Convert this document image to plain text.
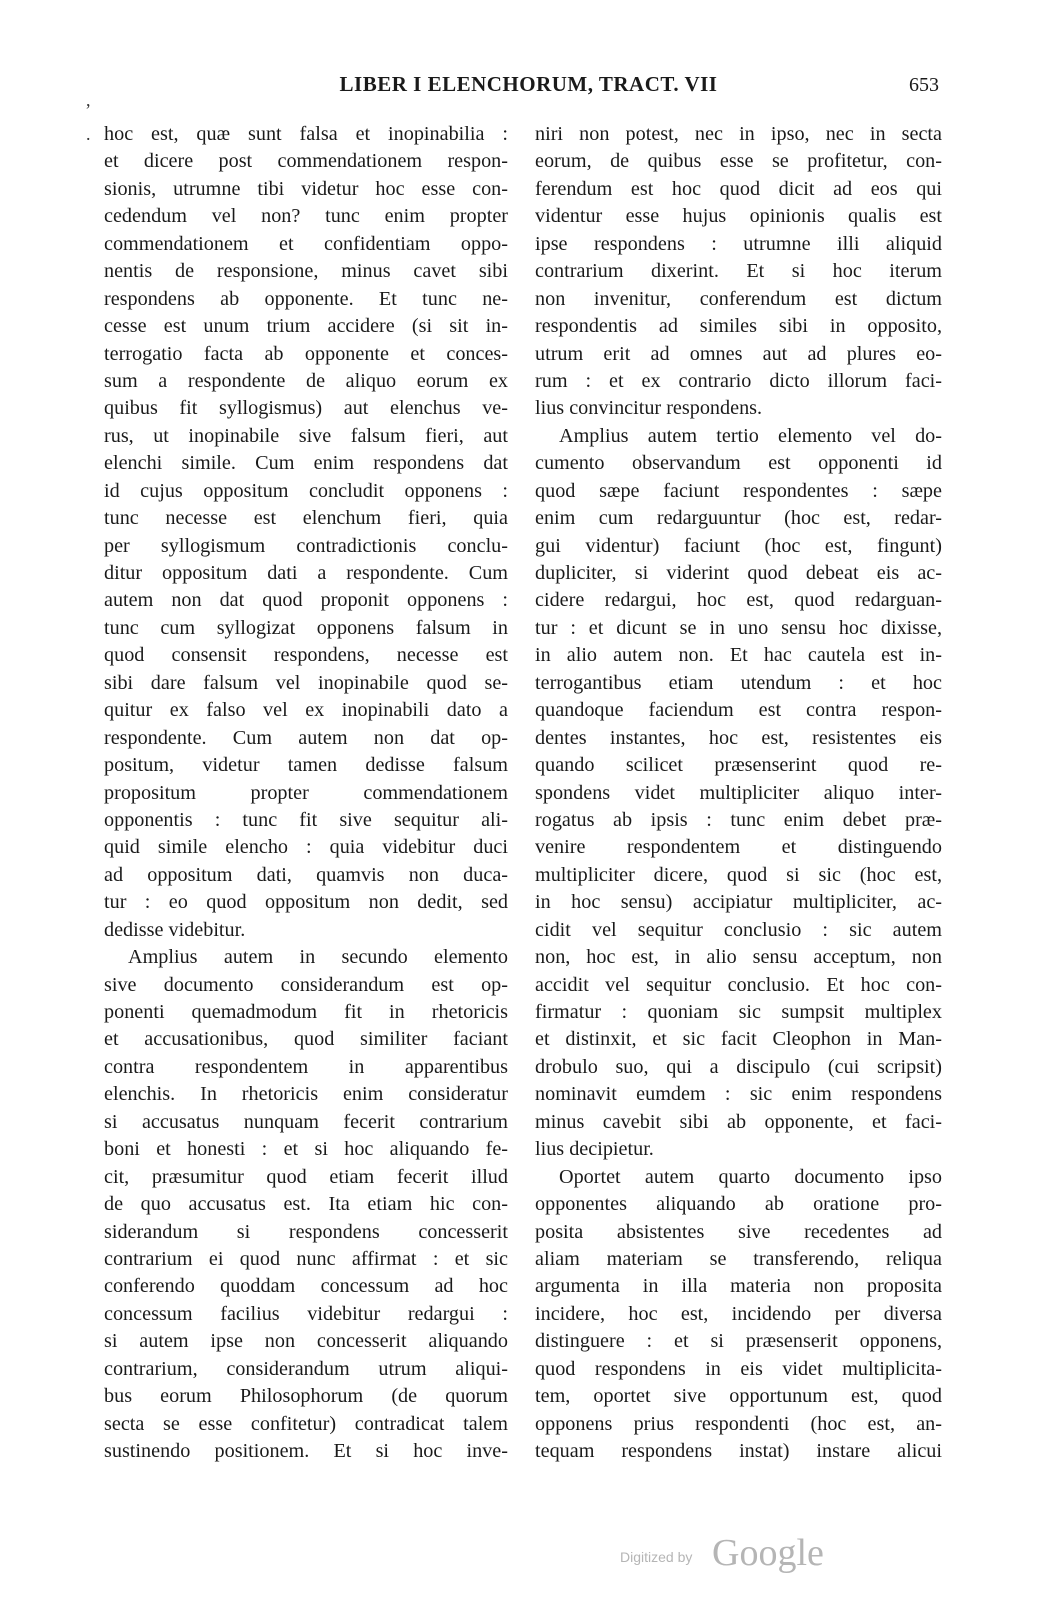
LIBER I ELENCHORUM, TRACT. VII	653
,
. hoc est, quæ sunt falsa et inopinabilia :
et dicere post commendationem respon-
sionis, utrumne tibi videtur hoc esse con-
cedendum vel non? tunc enim propter
commendationem et confidentiam oppo-
nentis de responsione, minus cavet sibi
respondens ab opponente. Et tunc ne-
cesse est unum trium accidere (si sit in-
terrogatio facta ab opponente et conces-
sum a respondente de aliquo eorum ex
quibus fit syllogismus) aut elenchus ve-
rus, ut inopinabile sive falsum fieri, aut
elenchi simile. Cum enim respondens dat
id cujus oppositum concludit opponens :
tunc necesse est elenchum fieri, quia
per syllogismum contradictionis conclu-
ditur oppositum dati a respondente. Cum
autem non dat quod proponit opponens :
tunc cum syllogizat opponens falsum in
quod consensit respondens, necesse est
sibi dare falsum vel inopinabile quod se-
quitur ex falso vel ex inopinabili dato a
respondente. Cum autem non dat op-
positum, videtur tamen dedisse falsum
propositum propter commendationem
opponentis : tunc fit sive sequitur ali-
quid simile elencho : quia videbitur duci
ad oppositum dati, quamvis non duca-
tur : eo quod oppositum non dedit, sed
dedisse videbitur.
Amplius autem in secundo elemento
sive documento considerandum est op-
ponenti quemadmodum fit in rhetoricis
et accusationibus, quod similiter faciant
contra respondentem in apparentibus
elenchis. In rhetoricis enim consideratur
si accusatus nunquam fecerit contrarium
boni et honesti : et si hoc aliquando fe-
cit, præsumitur quod etiam fecerit illud
de quo accusatus est. Ita etiam hic con-
siderandum si respondens concesserit
contrarium ei quod nunc affirmat : et sic
conferendo quoddam concessum ad hoc
concessum facilius videbitur redargui :
si autem ipse non concesserit aliquando
contrarium, considerandum utrum aliqui-
bus eorum Philosophorum (de quorum
secta se esse confitetur) contradicat talem
sustinendo positionem. Et si hoc inve-
niri non potest, nec in ipso, nec in secta
eorum, de quibus esse se profitetur, con-
ferendum est hoc quod dicit ad eos qui
videntur esse hujus opinionis qualis est
ipse respondens : utrumne illi aliquid
contrarium dixerint. Et si hoc iterum
non invenitur, conferendum est dictum
respondentis ad similes sibi in opposito,
utrum erit ad omnes aut ad plures eo-
rum : et ex contrario dicto illorum faci-
lius convincitur respondens.
Amplius autem tertio elemento vel do-
cumento observandum est opponenti id
quod sæpe faciunt respondentes : sæpe
enim cum redarguuntur (hoc est, redar-
gui videntur) faciunt (hoc est, fingunt)
dupliciter, si viderint quod debeat eis ac-
cidere redargui, hoc est, quod redarguan-
tur : et dicunt se in uno sensu hoc dixisse,
in alio autem non. Et hac cautela est in-
terrogantibus etiam utendum : et hoc
quandoque faciendum est contra respon-
dentes instantes, hoc est, resistentes eis
quando scilicet præsenserint quod re-
spondens videt multipliciter aliquo inter-
rogatus ab ipsis : tunc enim debet præ-
venire respondentem et distinguendo
multipliciter dicere, quod si sic (hoc est,
in hoc sensu) accipiatur multipliciter, ac-
cidit vel sequitur conclusio : sic autem
non, hoc est, in alio sensu acceptum, non
accidit vel sequitur conclusio. Et hoc con-
firmatur : quoniam sic sumpsit multiplex
et distinxit, et sic facit Cleophon in Man-
drobulo suo, qui a discipulo (cui scripsit)
nominavit eumdem : sic enim respondens
minus cavebit sibi ab opponente, et faci-
lius decipietur.
Oportet autem quarto documento ipso
opponentes aliquando ab oratione pro-
posita absistentes sive recedentes ad
aliam materiam se transferendo, reliqua
argumenta in illa materia non proposita
incidere, hoc est, incidendo per diversa
distinguere : et si præsenserit opponens,
quod respondens in eis videt multiplicita-
tem, oportet sive opportunum est, quod
opponens prius respondenti (hoc est, an-
tequam respondens instat) instare alicui
Digitized by Google
